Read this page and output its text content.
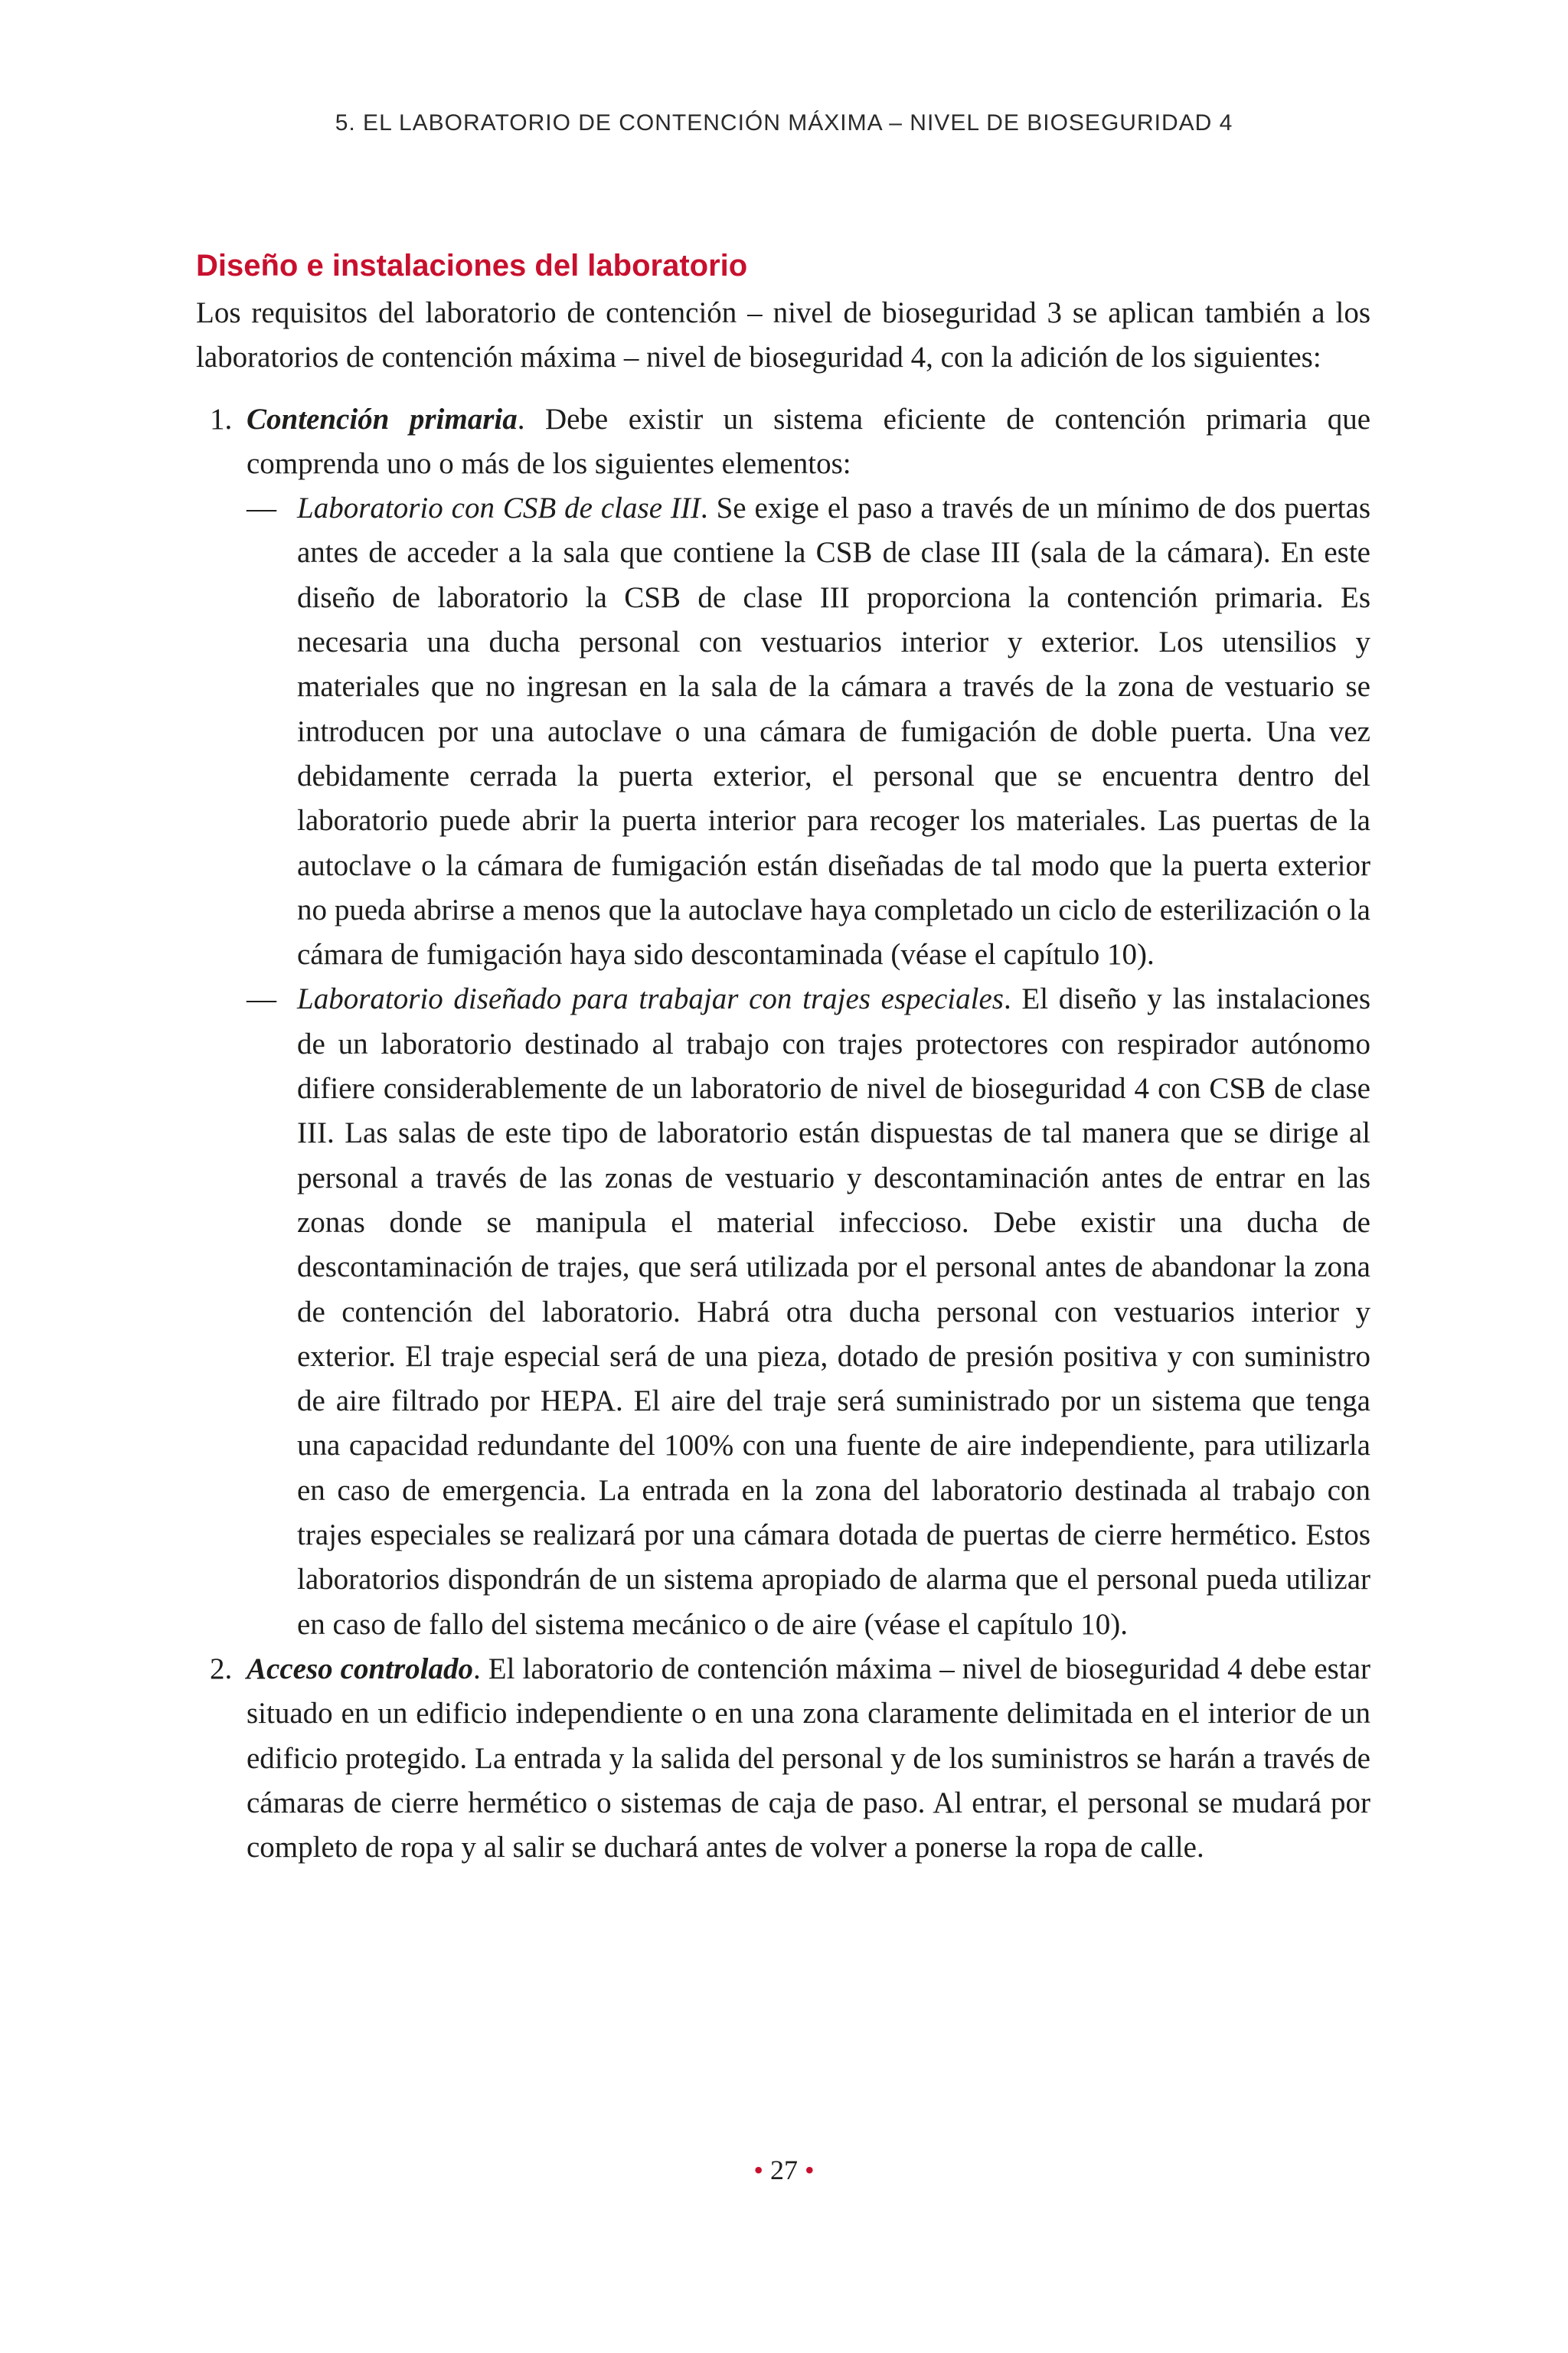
5. EL LABORATORIO DE CONTENCIÓN MÁXIMA – NIVEL DE BIOSEGURIDAD 4
Diseño e instalaciones del laboratorio

Los requisitos del laboratorio de contención – nivel de bioseguridad 3 se aplican también a los laboratorios de contención máxima – nivel de bioseguridad 4, con la adición de los siguientes:

1. Contención primaria. Debe existir un sistema eficiente de contención primaria que comprenda uno o más de los siguientes elementos:
— Laboratorio con CSB de clase III. Se exige el paso a través de un mínimo de dos puertas antes de acceder a la sala que contiene la CSB de clase III (sala de la cámara). En este diseño de laboratorio la CSB de clase III proporciona la contención primaria. Es necesaria una ducha personal con vestuarios interior y exterior. Los utensilios y materiales que no ingresan en la sala de la cámara a través de la zona de vestuario se introducen por una autoclave o una cámara de fumigación de doble puerta. Una vez debidamente cerrada la puerta exterior, el personal que se encuentra dentro del laboratorio puede abrir la puerta interior para recoger los materiales. Las puertas de la autoclave o la cámara de fumigación están diseñadas de tal modo que la puerta exterior no pueda abrirse a menos que la autoclave haya completado un ciclo de esterilización o la cámara de fumigación haya sido descontaminada (véase el capítulo 10).
— Laboratorio diseñado para trabajar con trajes especiales. El diseño y las instalaciones de un laboratorio destinado al trabajo con trajes protectores con respirador autónomo difiere considerablemente de un laboratorio de nivel de bioseguridad 4 con CSB de clase III. Las salas de este tipo de laboratorio están dispuestas de tal manera que se dirige al personal a través de las zonas de vestuario y descontaminación antes de entrar en las zonas donde se manipula el material infeccioso. Debe existir una ducha de descontaminación de trajes, que será utilizada por el personal antes de abandonar la zona de contención del laboratorio. Habrá otra ducha personal con vestuarios interior y exterior. El traje especial será de una pieza, dotado de presión positiva y con suministro de aire filtrado por HEPA. El aire del traje será suministrado por un sistema que tenga una capacidad redundante del 100% con una fuente de aire independiente, para utilizarla en caso de emergencia. La entrada en la zona del laboratorio destinada al trabajo con trajes especiales se realizará por una cámara dotada de puertas de cierre hermético. Estos laboratorios dispondrán de un sistema apropiado de alarma que el personal pueda utilizar en caso de fallo del sistema mecánico o de aire (véase el capítulo 10).
2. Acceso controlado. El laboratorio de contención máxima – nivel de bioseguridad 4 debe estar situado en un edificio independiente o en una zona claramente delimitada en el interior de un edificio protegido. La entrada y la salida del personal y de los suministros se harán a través de cámaras de cierre hermético o sistemas de caja de paso. Al entrar, el personal se mudará por completo de ropa y al salir se duchará antes de volver a ponerse la ropa de calle.
• 27 •
